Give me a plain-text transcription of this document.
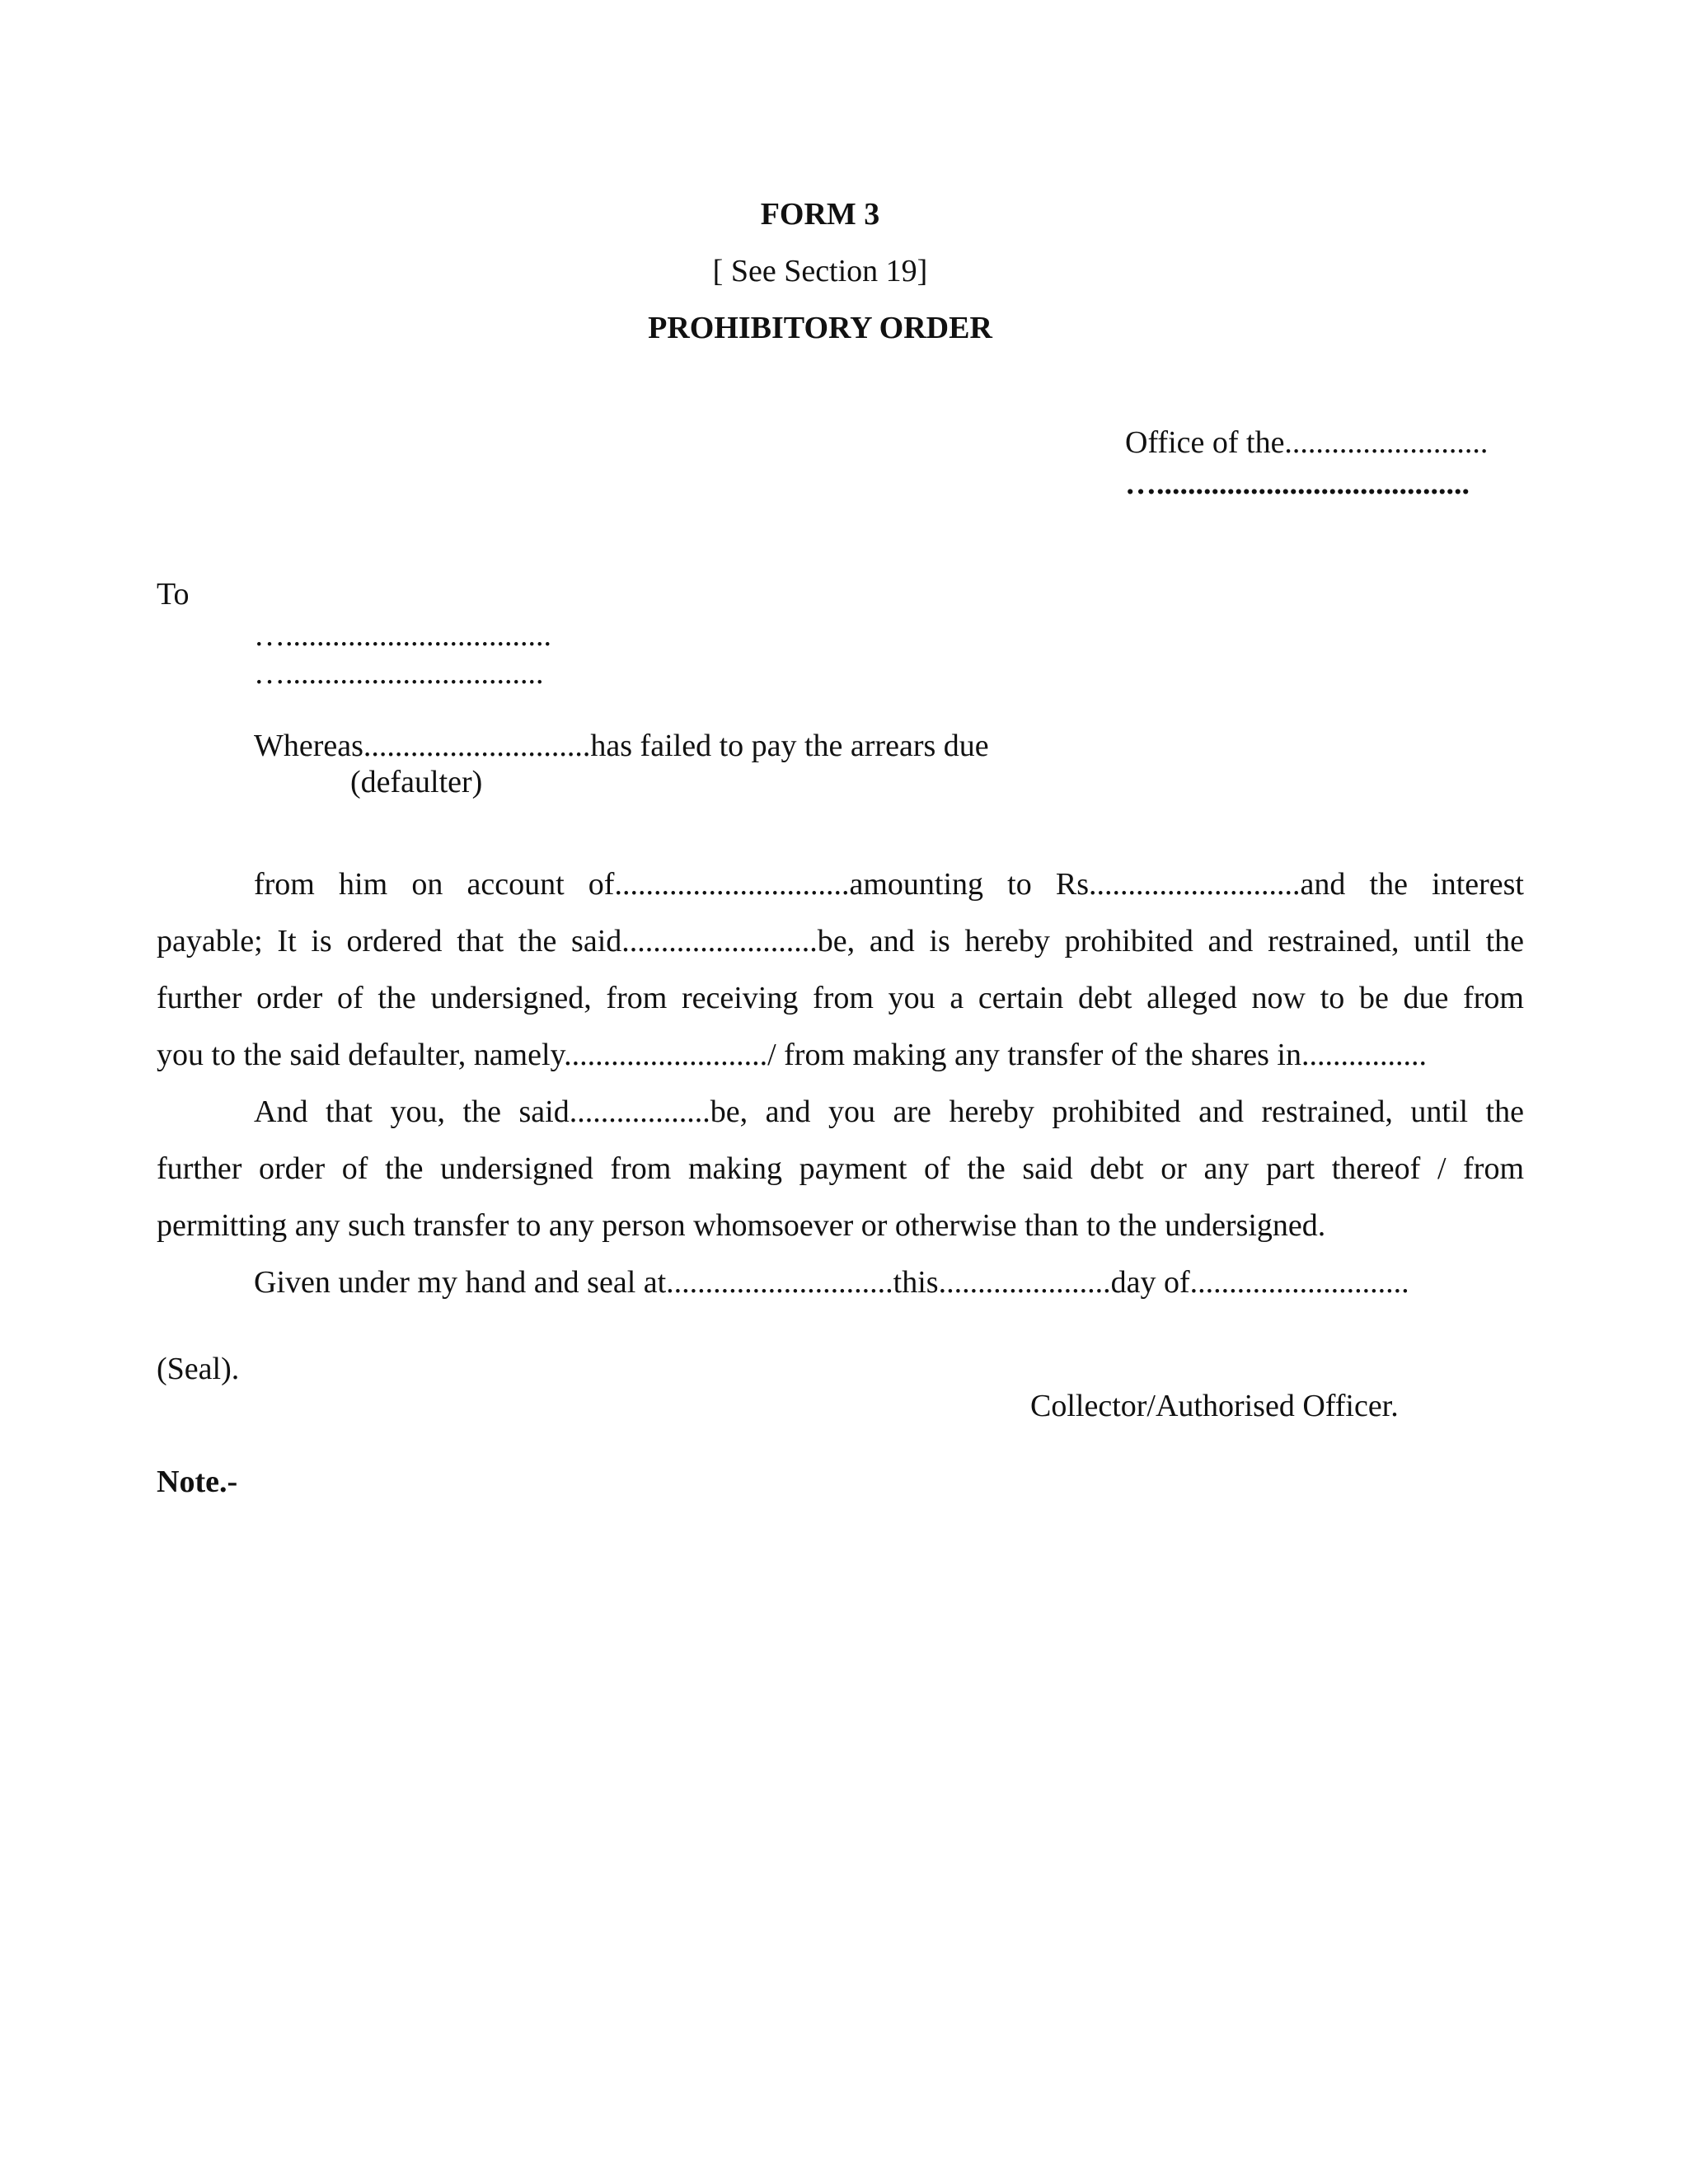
FORM 3
[ See Section 19]
PROHIBITORY ORDER
Office of the..........................
…........................................
To
…..................................
….................................
Whereas.............................has failed to pay the arrears due
(defaulter)
from him on account of..............................amounting to Rs...........................and the interest
payable; It is ordered that the said.........................be, and is hereby prohibited and restrained, until the
further order of the undersigned, from receiving from you a certain debt alleged now to be due from
you to the said defaulter, namely........................../ from making any transfer of the shares in................
And that you, the said..................be, and you are hereby prohibited and restrained, until the
further order of the undersigned from making payment of the said debt or any part thereof / from
permitting any such transfer to any person whomsoever or otherwise than to the undersigned.
Given under my hand and seal at.............................this......................day of............................
(Seal).
Collector/Authorised Officer.
Note.-
